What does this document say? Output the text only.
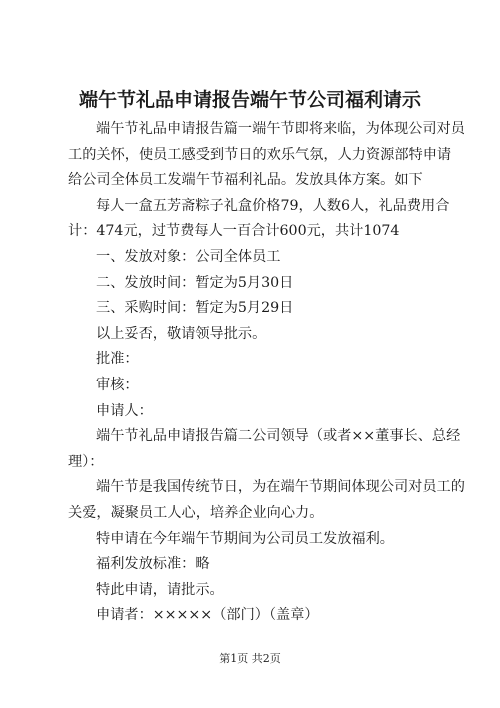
端午节礼品申请报告端午节公司福利请示

端午节礼品申请报告篇一端午节即将来临，为体现公司对员

工的关怀，使员工感受到节日的欢乐气氛，人力资源部特申请

给公司全体员工发端午节福利礼品。发放具体方案。如下

每人一盒五芳斋粽子礼盒价格79，人数6人，礼品费用合

计：474元，过节费每人一百合计600元，共计1074

一、发放对象：公司全体员工

二、发放时间：暂定为5月30日

三、采购时间：暂定为5月29日

以上妥否，敬请领导批示。

批准：

审核：

申请人：

端午节礼品申请报告篇二公司领导（或者××董事长、总经

理）：

端午节是我国传统节日，为在端午节期间体现公司对员工的

关爱，凝聚员工人心，培养企业向心力。

特申请在今年端午节期间为公司员工发放福利。

福利发放标准：略

特此申请，请批示。

申请者：×××××（部门）（盖章）

第1页 共2页
